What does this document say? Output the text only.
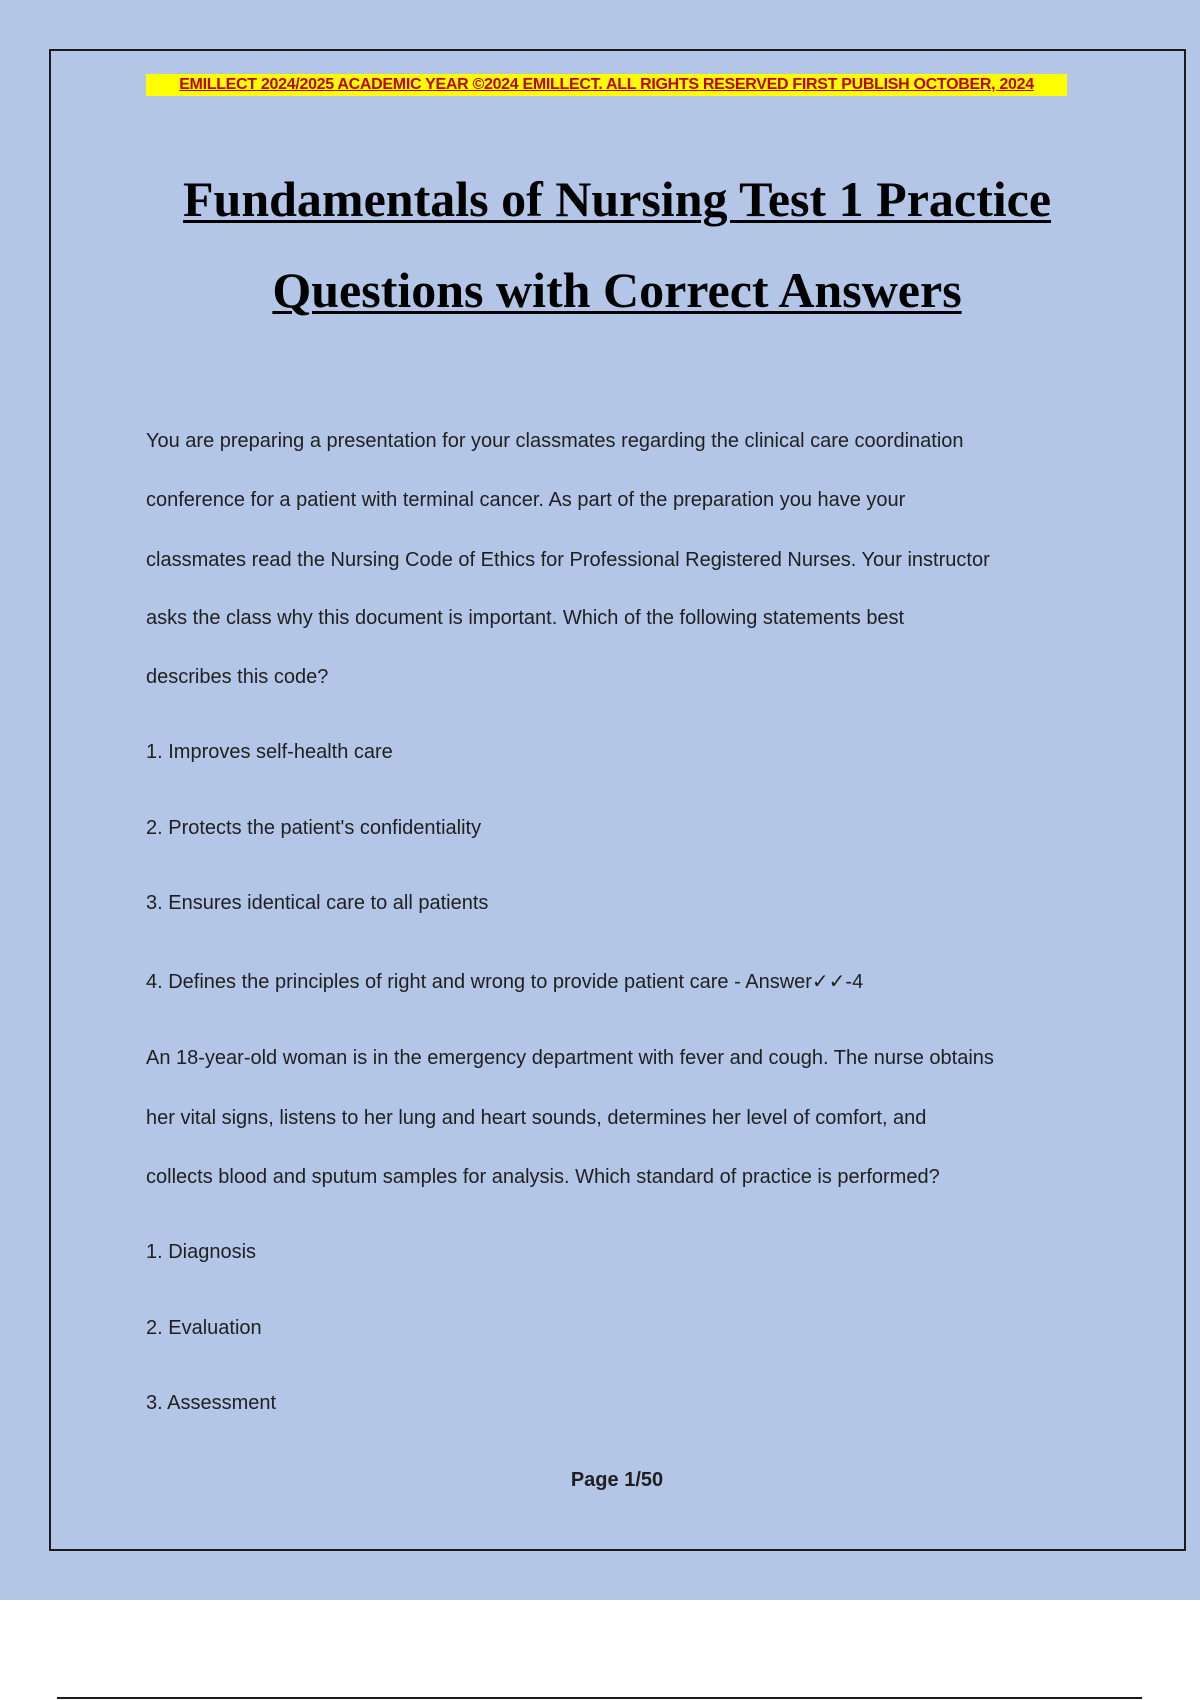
EMILLECT 2024/2025 ACADEMIC YEAR ©2024 EMILLECT. ALL RIGHTS RESERVED FIRST PUBLISH OCTOBER, 2024
Fundamentals of Nursing Test 1 Practice
Questions with Correct Answers
You are preparing a presentation for your classmates regarding the clinical care coordination
conference for a patient with terminal cancer. As part of the preparation you have your
classmates read the Nursing Code of Ethics for Professional Registered Nurses. Your instructor
asks the class why this document is important. Which of the following statements best
describes this code?
1. Improves self-health care
2. Protects the patient's confidentiality
3. Ensures identical care to all patients
4. Defines the principles of right and wrong to provide patient care - Answer✓✓-4
An 18-year-old woman is in the emergency department with fever and cough. The nurse obtains
her vital signs, listens to her lung and heart sounds, determines her level of comfort, and
collects blood and sputum samples for analysis. Which standard of practice is performed?
1. Diagnosis
2. Evaluation
3. Assessment
Page 1/50
